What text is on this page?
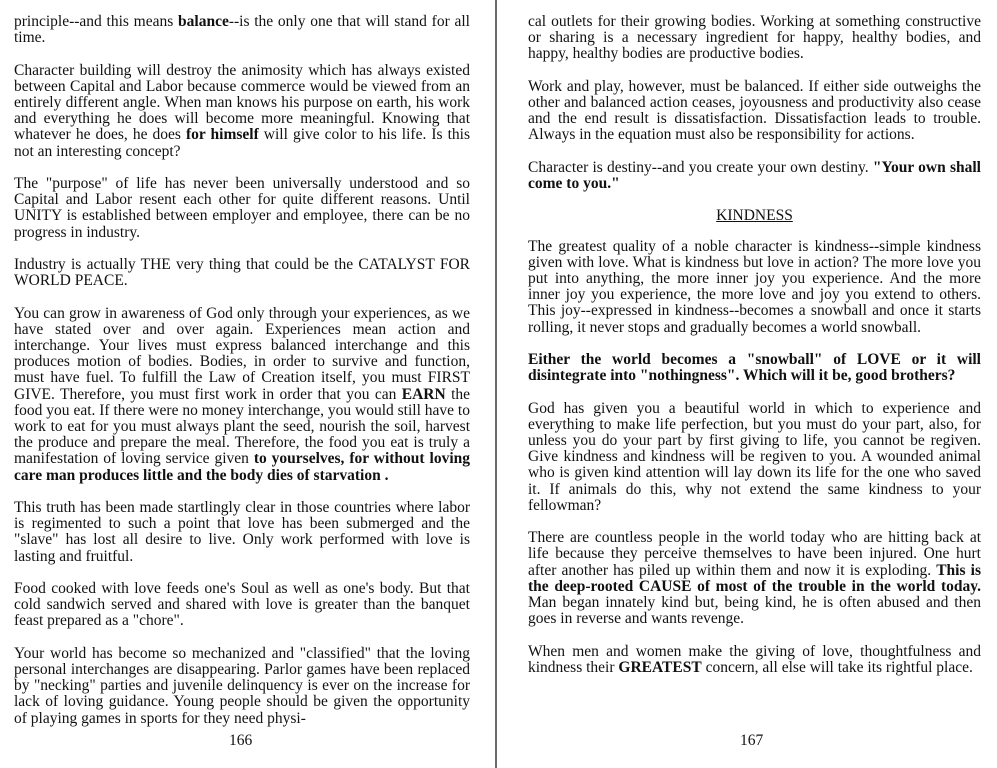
principle--and this means balance--is the only one that will stand for all time.

Character building will destroy the animosity which has always existed between Capital and Labor because commerce would be viewed from an entirely different angle. When man knows his purpose on earth, his work and everything he does will become more meaningful. Knowing that whatever he does, he does for himself will give color to his life. Is this not an interesting concept?

The "purpose" of life has never been universally understood and so Capital and Labor resent each other for quite different reasons. Until UNITY is established between employer and employee, there can be no progress in industry.

Industry is actually THE very thing that could be the CATALYST FOR WORLD PEACE.

You can grow in awareness of God only through your experiences, as we have stated over and over again. Experiences mean action and interchange. Your lives must express balanced interchange and this produces motion of bodies. Bodies, in order to survive and function, must have fuel. To fulfill the Law of Creation itself, you must FIRST GIVE. Therefore, you must first work in order that you can EARN the food you eat. If there were no money interchange, you would still have to work to eat for you must always plant the seed, nourish the soil, harvest the produce and prepare the meal. Therefore, the food you eat is truly a manifestation of loving service given to yourselves, for without loving care man produces little and the body dies of starvation .

This truth has been made startlingly clear in those countries where labor is regimented to such a point that love has been submerged and the "slave" has lost all desire to live. Only work performed with love is lasting and fruitful.

Food cooked with love feeds one's Soul as well as one's body. But that cold sandwich served and shared with love is greater than the banquet feast prepared as a "chore".

Your world has become so mechanized and "classified" that the loving personal interchanges are disappearing. Parlor games have been replaced by "necking" parties and juvenile delinquency is ever on the increase for lack of loving guidance. Young people should be given the opportunity of playing games in sports for they need physi-

cal outlets for their growing bodies. Working at something constructive or sharing is a necessary ingredient for happy, healthy bodies, and happy, healthy bodies are productive bodies.

Work and play, however, must be balanced. If either side outweighs the other and balanced action ceases, joyousness and productivity also cease and the end result is dissatisfaction. Dissatisfaction leads to trouble. Always in the equation must also be responsibility for actions.

Character is destiny--and you create your own destiny. "Your own shall come to you."

KINDNESS

The greatest quality of a noble character is kindness--simple kindness given with love. What is kindness but love in action? The more love you put into anything, the more inner joy you experience. And the more inner joy you experience, the more love and joy you extend to others. This joy--expressed in kindness--becomes a snowball and once it starts rolling, it never stops and gradually becomes a world snowball.

Either the world becomes a "snowball" of LOVE or it will disintegrate into "nothingness". Which will it be, good brothers?

God has given you a beautiful world in which to experience and everything to make life perfection, but you must do your part, also, for unless you do your part by first giving to life, you cannot be regiven. Give kindness and kindness will be regiven to you. A wounded animal who is given kind attention will lay down its life for the one who saved it. If animals do this, why not extend the same kindness to your fellowman?

There are countless people in the world today who are hitting back at life because they perceive themselves to have been injured. One hurt after another has piled up within them and now it is exploding. This is the deep-rooted CAUSE of most of the trouble in the world today. Man began innately kind but, being kind, he is often abused and then goes in reverse and wants revenge.

When men and women make the giving of love, thoughtfulness and kindness their GREATEST concern, all else will take its rightful place.

166	167
